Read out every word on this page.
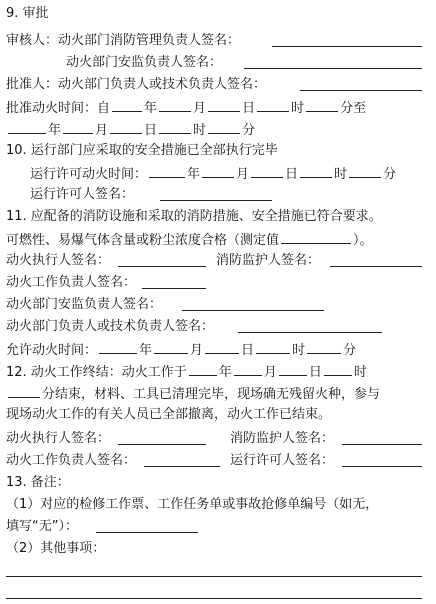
9. 审批
审核人：动火部门消防管理负责人签名：
动火部门安监负责人签名：
批准人：动火部门负责人或技术负责人签名：
批准动火时间：自	年	月	日	时	分至
年	月	日	时	分
10. 运行部门应采取的安全措施已全部执行完毕
运行许可动火时间：	年	月	日	时	分
运行许可人签名：
11. 应配备的消防设施和采取的消防措施、安全措施已符合要求。
可燃性、易爆气体含量或粉尘浓度合格（测定值	）。
动火执行人签名：	消防监护人签名：
动火工作负责人签名：
动火部门安监负责人签名：
动火部门负责人或技术负责人签名：
允许动火时间：	年	月	日	时	分
12. 动火工作终结：动火工作于 年 月 日 时
分结束，材料、工具已清理完毕，现场确无残留火种，参与
现场动火工作的有关人员已全部撤离，动火工作已结束。
动火执行人签名：	消防监护人签名：
动火工作负责人签名：	运行许可人签名：
13. 备注：
（1）对应的检修工作票、工作任务单或事故抢修单编号（如无，
填写“无”）：
（2）其他事项：
